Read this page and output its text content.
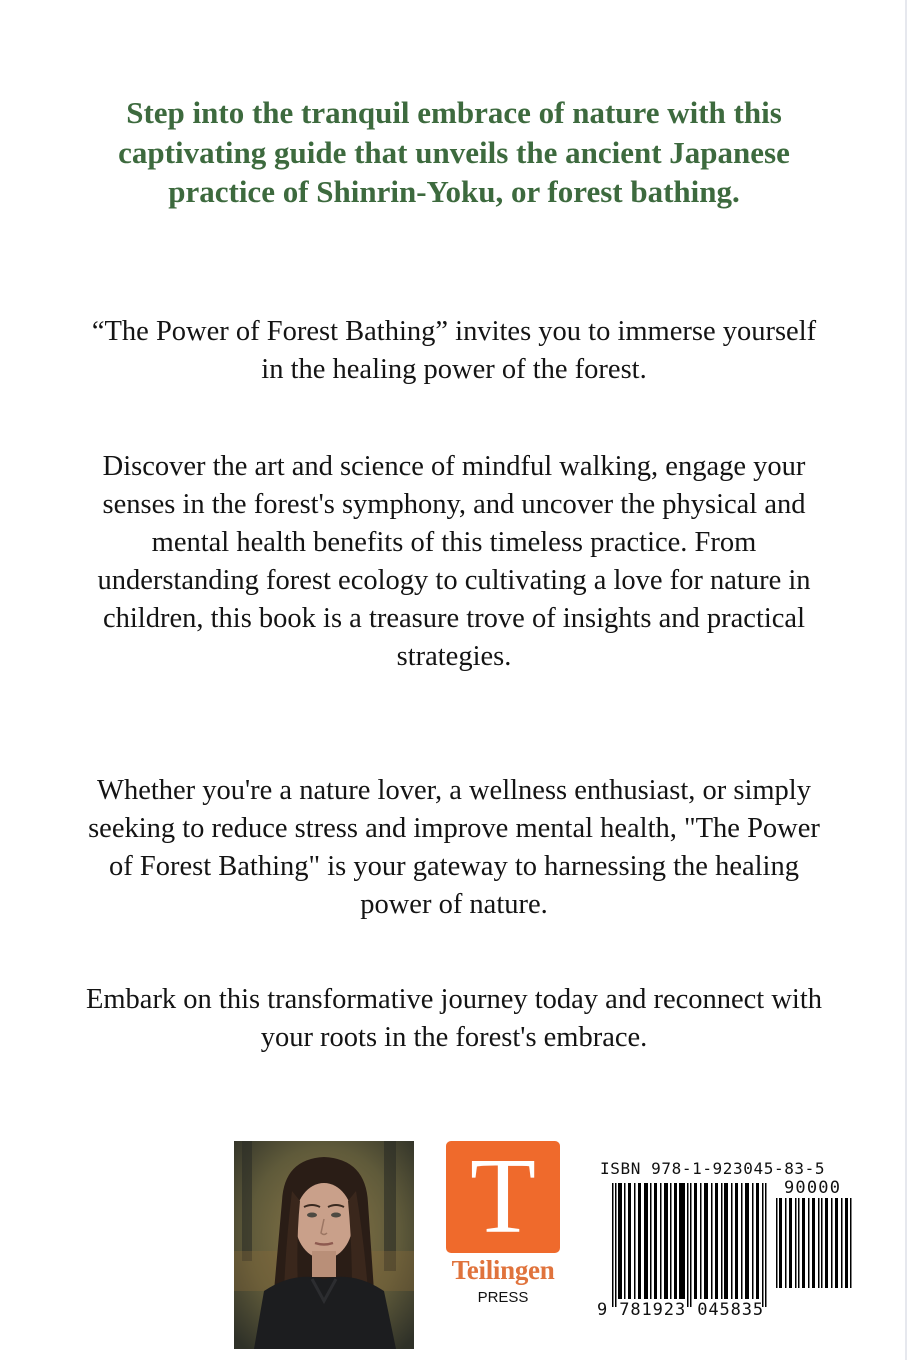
Step into the tranquil embrace of nature with this captivating guide that unveils the ancient Japanese practice of Shinrin-Yoku, or forest bathing.

“The Power of Forest Bathing” invites you to immerse yourself in the healing power of the forest.

Discover the art and science of mindful walking, engage your senses in the forest's symphony, and uncover the physical and mental health benefits of this timeless practice. From understanding forest ecology to cultivating a love for nature in children, this book is a treasure trove of insights and practical strategies.

Whether you're a nature lover, a wellness enthusiast, or simply seeking to reduce stress and improve mental health, "The Power of Forest Bathing" is your gateway to harnessing the healing power of nature.

Embark on this transformative journey today and reconnect with your roots in the forest's embrace.

T
Teilingen
PRESS
ISBN 978-1-923045-83-5
90000
9 781923 045835
